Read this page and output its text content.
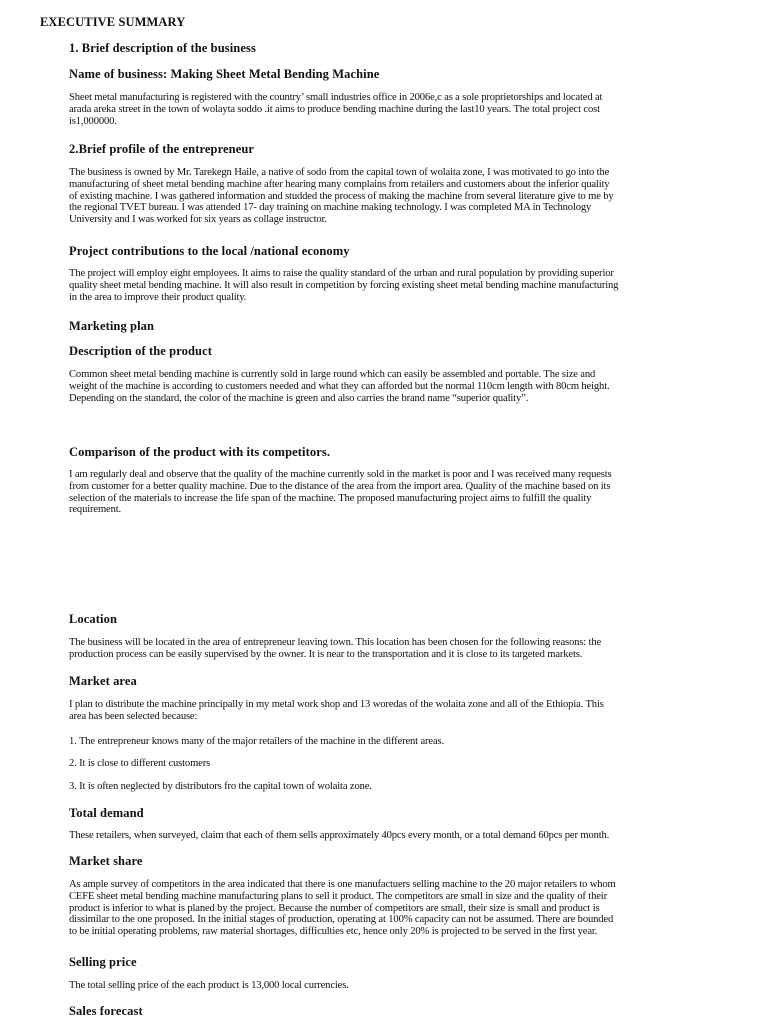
EXECUTIVE SUMMARY
1. Brief description of the business
Name of business: Making Sheet Metal Bending Machine
Sheet metal manufacturing is registered with the country’ small industries office in 2006e,c as a sole proprietorships and located at
arada areka street in the town of wolayta soddo .it aims to produce bending machine during the last10 years. The total project cost
is1,000000.
2.Brief profile of the entrepreneur
The business is owned by Mr. Tarekegn Haile, a native of sodo from the capital town of wolaita zone, I was motivated to go into the
manufacturing of sheet metal bending machine after hearing many complains from retailers and customers about the inferior quality
of existing machine. I was gathered information and studded the process of making the machine from several literature give to me by
the regional TVET bureau. I was attended 17- day training on machine making technology. I was completed MA in Technology
University and I was worked for six years as collage instructor.
Project contributions to the local /national economy
The project will employ eight employees. It aims to raise the quality standard of the urban and rural population by providing superior
quality sheet metal bending machine. It will also result in competition by forcing existing sheet metal bending machine manufacturing
in the area to improve their product quality.
Marketing plan
Description of the product
Common sheet metal bending machine is currently sold in large round which can easily be assembled and portable. The size and
weight of the machine is according to customers needed and what they can afforded but the normal 110cm length with 80cm height.
Depending on the standard, the color of the machine is green and also carries the brand name “superior quality”.
Comparison of the product with its competitors.
I am regularly deal and observe that the quality of the machine currently sold in the market is poor and I was received many requests
from customer for a better quality machine. Due to the distance of the area from the import area. Quality of the machine based on its
selection of the materials to increase the life span of the machine. The proposed manufacturing project aims to fulfill the quality
requirement.
Location
The business will be located in the area of entrepreneur leaving town. This location has been chosen for the following reasons: the
production process can be easily supervised by the owner. It is near to the transportation and it is close to its targeted markets.
Market area
I plan to distribute the machine principally in my metal work shop and 13 woredas of the wolaita zone and all of the Ethiopia. This
area has been selected because:
1. The entrepreneur knows many of the major retailers of the machine in the different areas.
2. It is close to different customers
3. It is often neglected by distributors fro the capital town of wolaita zone.
Total demand
These retailers, when surveyed, claim that each of them sells approximately 40pcs every month, or a total demand 60pcs per month.
Market share
As ample survey of competitors in the area indicated that there is one manufactuers selling machine to the 20 major retailers to whom
CEFE sheet metal bending machine manufacturing plans to sell it product. The competitors are small in size and the quality of their
product is inferior to what is planed by the project. Because the number of competitors are small, their size is small and product is
dissimilar to the one proposed. In the initial stages of production, operating at 100% capacity can not be assumed. There are bounded
to be initial operating problems, raw material shortages, difficulties etc, hence only 20% is projected to be served in the first year.
Selling price
The total selling price of the each product is 13,000 local currencies.
Sales forecast
